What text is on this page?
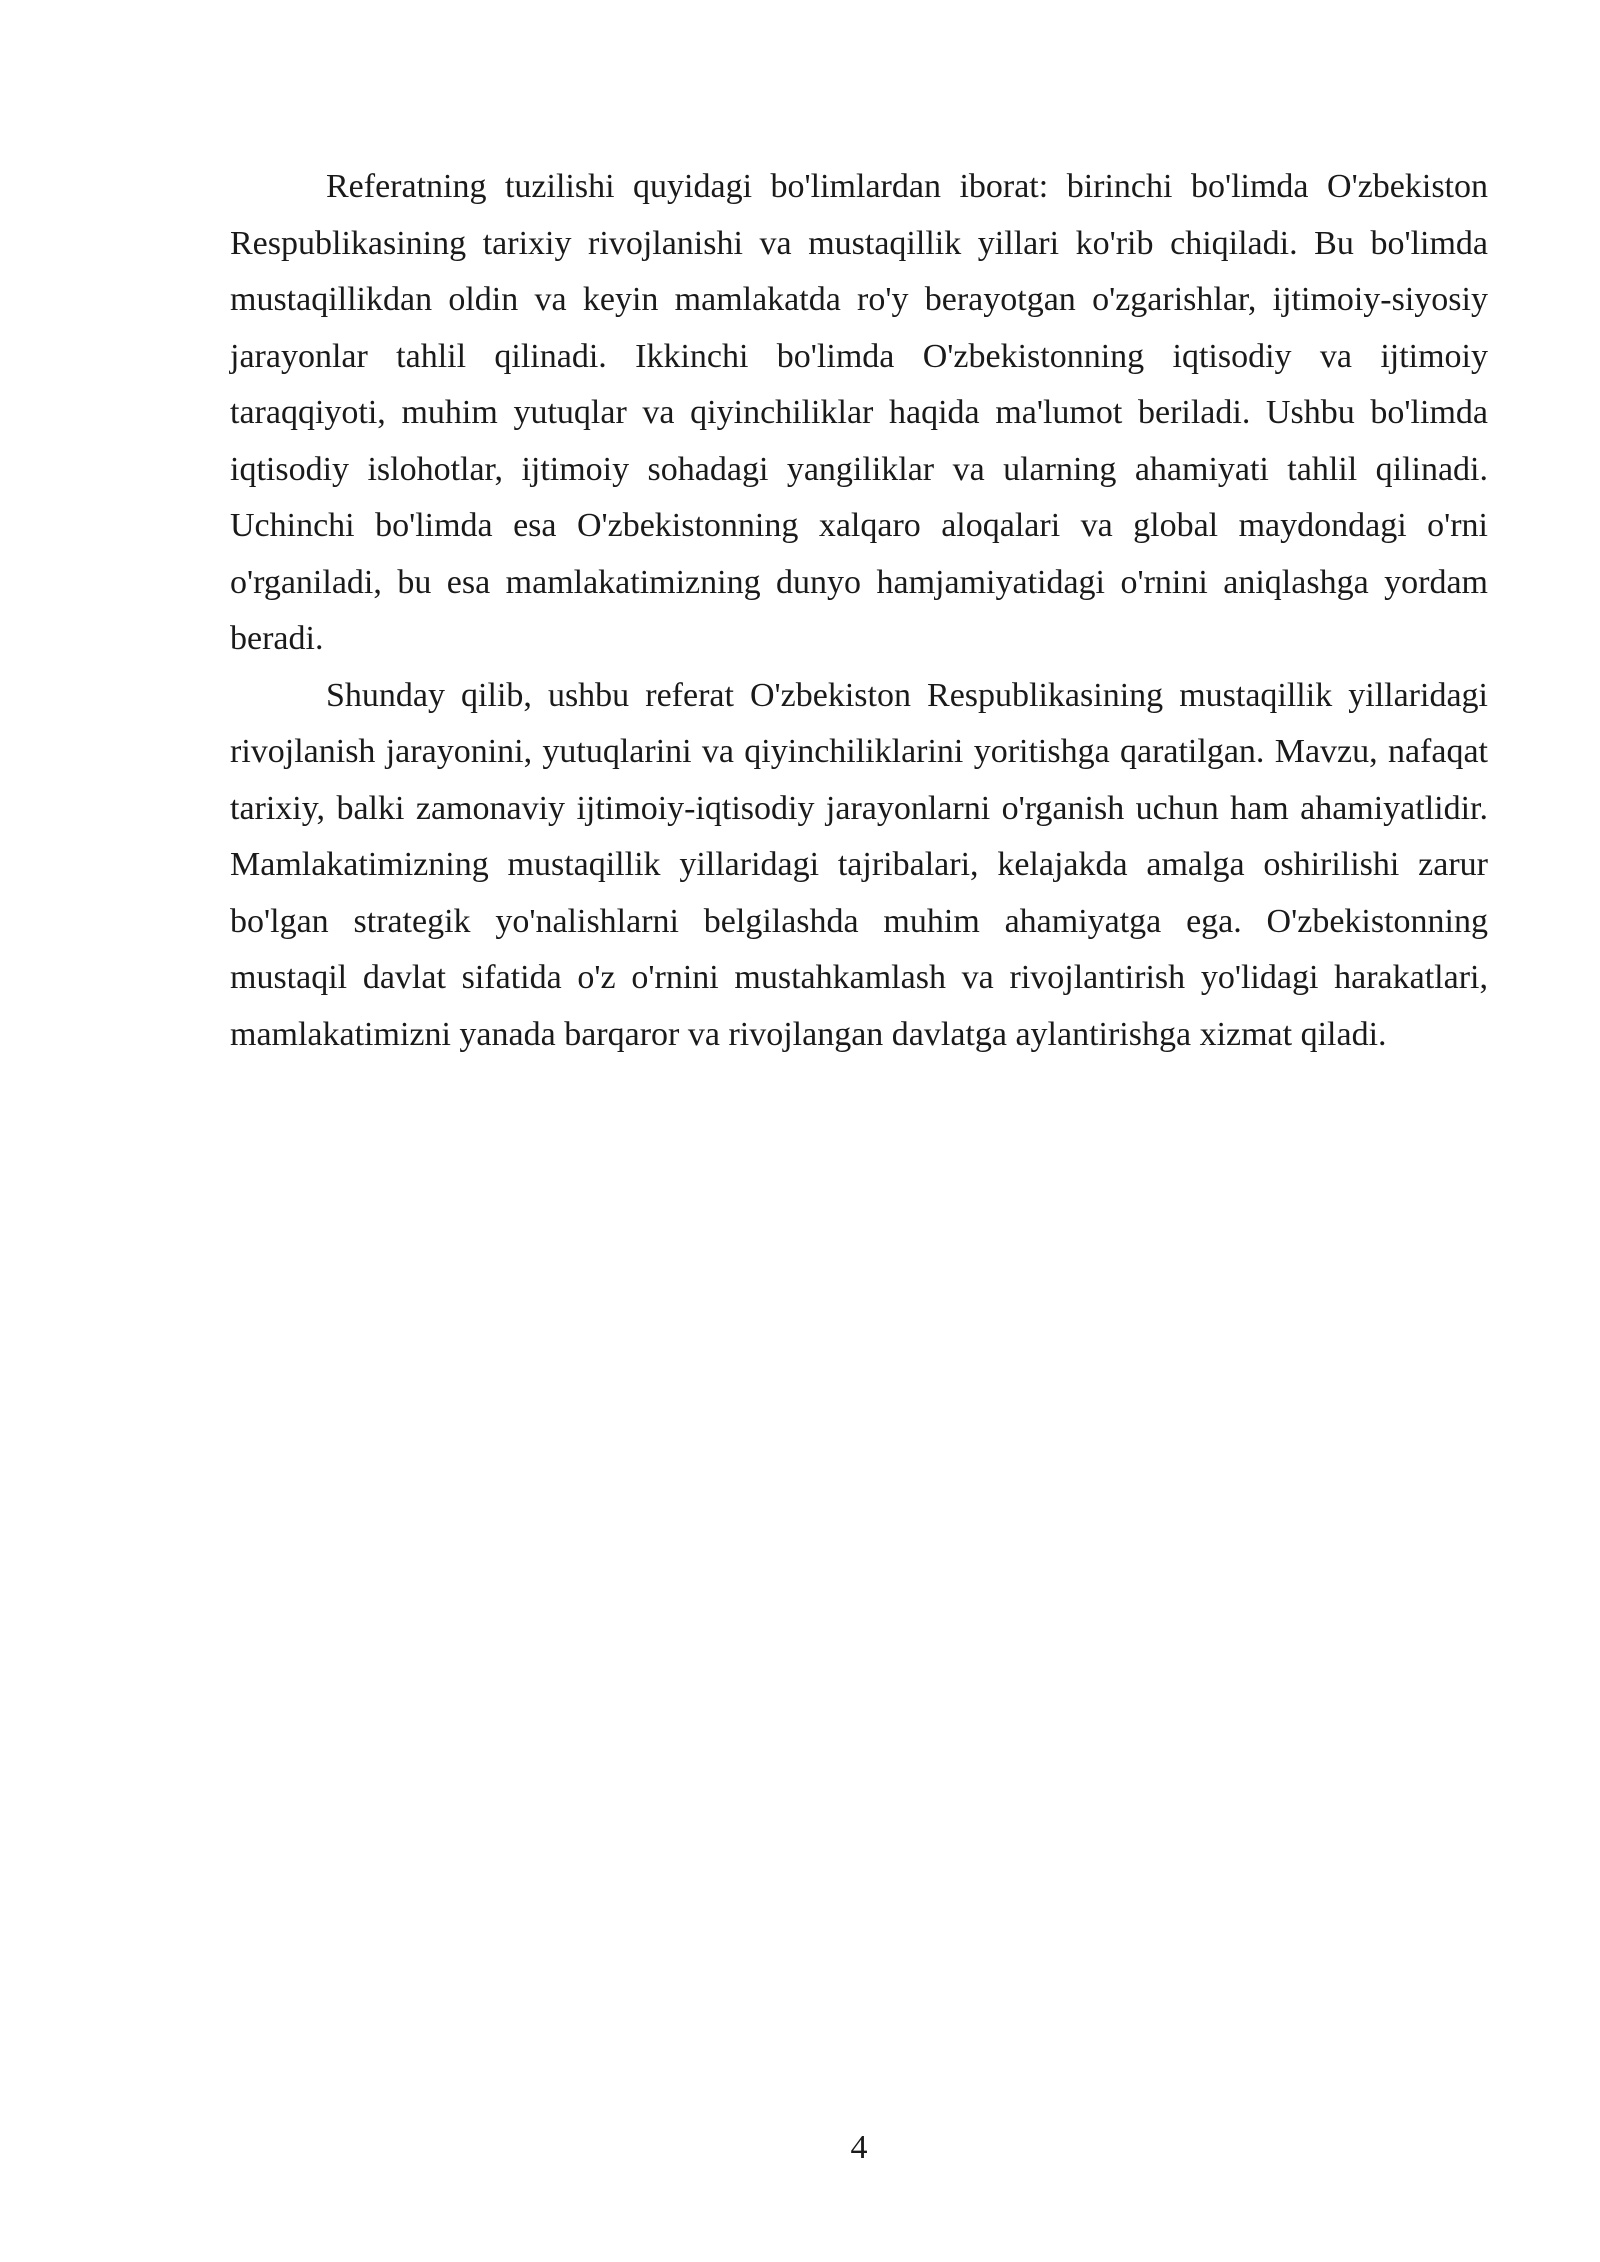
Referatning tuzilishi quyidagi bo'limlardan iborat: birinchi bo'limda O'zbekiston Respublikasining tarixiy rivojlanishi va mustaqillik yillari ko'rib chiqiladi. Bu bo'limda mustaqillikdan oldin va keyin mamlakatda ro'y berayotgan o'zgarishlar, ijtimoiy-siyosiy jarayonlar tahlil qilinadi. Ikkinchi bo'limda O'zbekistonning iqtisodiy va ijtimoiy taraqqiyoti, muhim yutuqlar va qiyinchiliklar haqida ma'lumot beriladi. Ushbu bo'limda iqtisodiy islohotlar, ijtimoiy sohadagi yangiliklar va ularning ahamiyati tahlil qilinadi. Uchinchi bo'limda esa O'zbekistonning xalqaro aloqalari va global maydondagi o'rni o'rganiladi, bu esa mamlakatimizning dunyo hamjamiyatidagi o'rnini aniqlashga yordam beradi.

Shunday qilib, ushbu referat O'zbekiston Respublikasining mustaqillik yillaridagi rivojlanish jarayonini, yutuqlarini va qiyinchiliklarini yoritishga qaratilgan. Mavzu, nafaqat tarixiy, balki zamonaviy ijtimoiy-iqtisodiy jarayonlarni o'rganish uchun ham ahamiyatlidir. Mamlakatimizning mustaqillik yillaridagi tajribalari, kelajakda amalga oshirilishi zarur bo'lgan strategik yo'nalishlarni belgilashda muhim ahamiyatga ega. O'zbekistonning mustaqil davlat sifatida o'z o'rnini mustahkamlash va rivojlantirish yo'lidagi harakatlari, mamlakatimizni yanada barqaror va rivojlangan davlatga aylantirishga xizmat qiladi.

4
